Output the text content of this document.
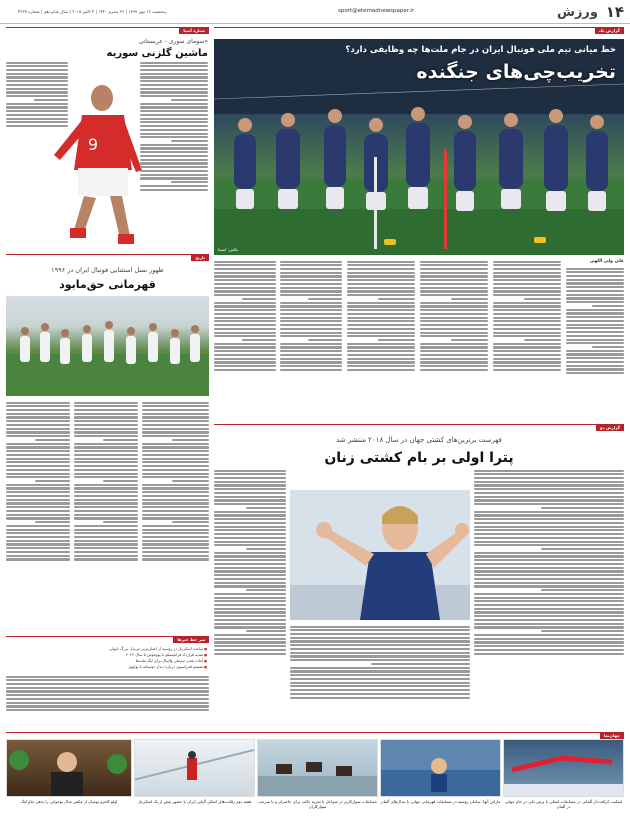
۱۴
ورزش
sport@etemadnewspaper.ir
پنجشنبه ۱۲ مهر ۱۳۹۷ | ۲۶ محرم ۱۴۴۰ | ۴ اکتبر ۲۰۱۸ | سال شانزدهم | شماره ۴۲۲۷
گزارش یک
خط میانی تیم ملی فوتبال ایران در جام ملت‌ها چه وظایفی دارد؟
تخریب‌چی‌های جنگنده
عکس: ایسنا
علی ولی اللهی
ستاره آسیا
«سومای سوری - عربستانی
ماشین گلزنی سوریه
9
تاریخ
ظهور نسل استثنایی فوتبال ایران در ۱۹۹۶
قهرمانی حق‌مابود
سر خط خبرها
■ ساعت اسکی‌پار در روسیه از اصلی‌ترین مربیان بزرگ ناپولی
■ تمدید قرارداد فرانچسکو با یوونتوس تا سال ۲۰۲۲
■ آماده شدن تیم‌ملی والیبال برای لیگ ملت‌ها
■ تصمیم فدراسیون درباره دیدار دوستانه با بولیوی
گزارش دو
فهرست برترین‌های کشتی جهان در سال ۲۰۱۸ منتشر شد
پترا اولی بر بام کشتی زنان
جهان‌نما
اسکیت کرافت‌دار آلمانی در مسابقات اسکی با پرش یکی در جام جهانی در آلمان
ماراتن آبها: سامان روسیه در مسابقات قهرمانی جهانی با مدال‌های آلمان
مسابقات سوارکاری در سواحل با تجربه جالب برای حاضران و با سرعت سوارکاران
هفته دوم رقابت‌های اسکی آلپاین ایران با حضور بیش از یک اسکی‌باز
اولو کامرو بومیان از عکس سال نوجوانی را بدهی جام لیگ
